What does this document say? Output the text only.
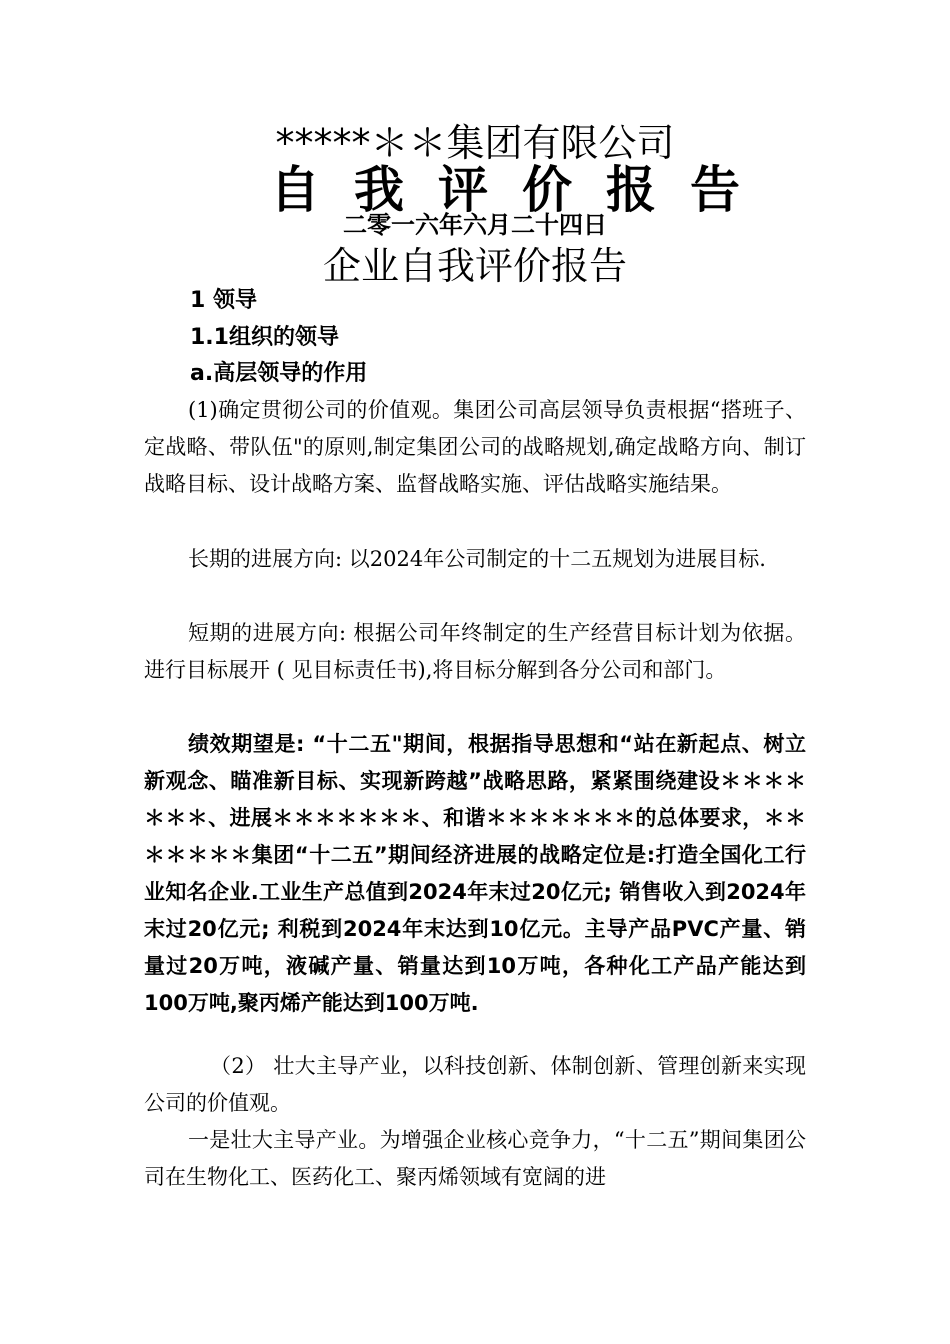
*****＊＊集团有限公司
自我评价报告
二零一六年六月二十四日
企业自我评价报告
1 领导
1.1组织的领导
a.高层领导的作用

(1)确定贯彻公司的价值观。集团公司高层领导负责根据“搭班子、定战略、带队伍"的原则,制定集团公司的战略规划,确定战略方向、制订战略目标、设计战略方案、监督战略实施、评估战略实施结果。

长期的进展方向: 以2024年公司制定的十二五规划为进展目标.

短期的进展方向: 根据公司年终制定的生产经营目标计划为依据。进行目标展开 ( 见目标责任书),将目标分解到各分公司和部门。

绩效期望是: “十二五"期间，根据指导思想和“站在新起点、树立新观念、瞄准新目标、实现新跨越”战略思路，紧紧围绕建设＊＊＊＊＊＊＊、进展＊＊＊＊＊＊＊、和谐＊＊＊＊＊＊＊的总体要求，＊＊＊＊＊＊＊集团“十二五”期间经济进展的战略定位是:打造全国化工行业知名企业.工业生产总值到2024年末过20亿元; 销售收入到2024年末过20亿元; 利税到2024年末达到10亿元。主导产品PVC产量、销量过20万吨，液碱产量、销量达到10万吨，各种化工产品产能达到100万吨,聚丙烯产能达到100万吨.

（2） 壮大主导产业，以科技创新、体制创新、管理创新来实现公司的价值观。

一是壮大主导产业。为增强企业核心竞争力，“十二五”期间集团公司在生物化工、医药化工、聚丙烯领域有宽阔的进
